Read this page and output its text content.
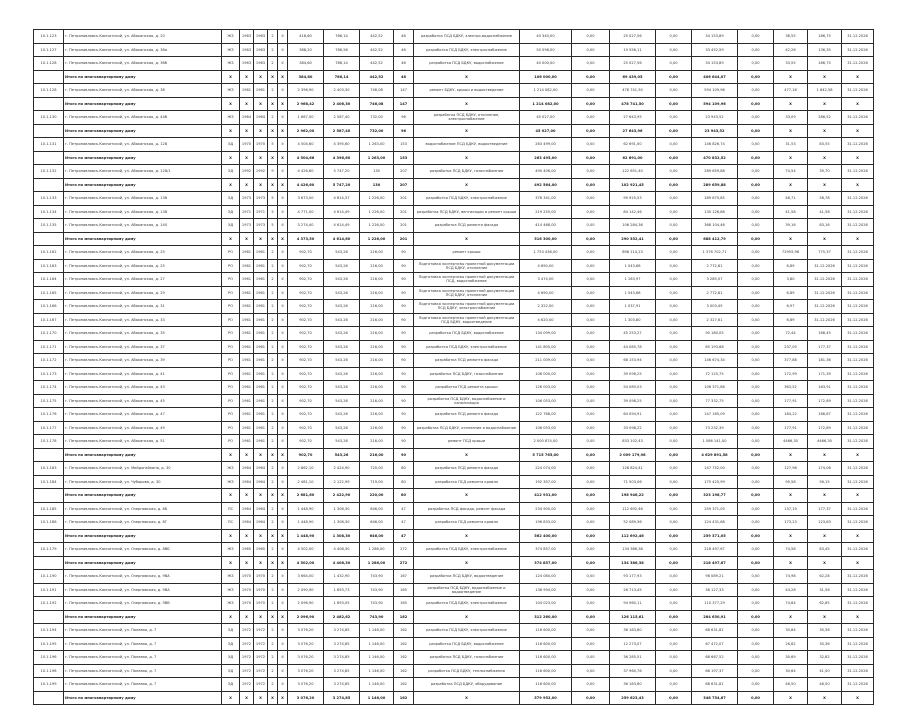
10.1.123	г. Петропавловск-Камчатский, ул. Абаканская, д. 20	ЖЗ	1963	1963	2	II	418,60	766,14	442,52	46	разработка ПСД БДКУ, электро-водоснабжение	40 340,00	0,00	25 027,56	0,00	34 153,89	0,00	38,55	186,75	31.12.2026
10.1.127	г. Петропавловск-Камчатский, ул. Абаканская, д. 36а	ЖЗ	1963	1963	2	II	388,20	786,56	442,52	46	разработка ПСД БДКУ, электроснабжение	50 096,00	0,00	19 556,11	0,00	33 452,59	0,00	42,26	136,35	31.12.2026
10.1.128	г. Петропавловск-Камчатский, ул. Абаканская, д. 36б	ЖЗ	1963	1963	2	II	384,60	786,14	442,52	46	разработка ПСД БДКУ, водоснабжение	40 000,00	0,00	25 027,56	0,00	34 153,89	0,00	33,55	186,75	31.12.2026
	Итого по многоквартирному дому	X	X	X	X	X	384,60	786,14	442,52	46	X	106 000,00	0,00	69 439,05	0,00	406 644,07	0,00	X	X	X
10.1.128	г. Петропавловск-Камчатский, ул. Абаканская, д. 38	ЖЗ	1961	1961	2	II	2 396,90	2 403,30	746,08	147	ремонт БДКУ, крыши и водоотведение	1 214 082,00	0,00	478 741,50	0,00	594 109,96	0,00	477,16	1 642,58	31.12.2026
	Итого по многоквартирному дому	X	X	X	X	X	2 968,42	2 406,30	746,08	147	X	1 214 082,00	0,00	478 741,50	0,00	594 109,96	0,00	X	X	X
10.1.130	г. Петропавловск-Камчатский, ул. Абаканская, д. 44б	ЖЗ	1964	1964	2	II	1 667,00	2 587,40	732,00	96	разработка ПСД БДКУ, отопление, электроснабжение	45 027,00	0,00	27 643,95	0,00	23 943,52	0,00	33,09	286,52	31.12.2026
	Итого по многоквартирному дому	X	X	X	X	X	2 962,00	2 587,40	732,00	96	X	45 027,00	0,00	27 643,96	0,00	23 943,52	0,00	X	X	X
10.1.131	г. Петропавловск-Камчатский, ул. Абаканская, д. 128	ЭД	1970	1970	5	II	4 504,60	4 395,60	1 263,00	153	водоснабжение ПСД БДКУ, водоотведение	263 499,00	0,00	62 691,00	0,00	146 826,74	0,00	31,53	83,55	31.12.2026
	Итого по многоквартирному дому	X	X	X	X	X	4 504,66	4 396,60	1 263,00	153	X	263 495,00	0,00	62 691,00	0,00	470 832,52	0,00	X	X	X
10.1.132	г. Петропавловск-Камчатский, ул. Абаканская, д. 128/1	ЭД	1992	1992	9	II	4 426,60	5 747,20	130	207	разработка ПСД БДКУ, газоснабжение	490 406,00	0,00	122 651,40	0,00	289 659,88	0,00	74,54	39,70	31.12.2026
	Итого по многоквартирному дому	X	X	X	X	X	4 426,60	5 747,20	130	207	X	492 564,00	0,00	102 921,45	0,00	289 659,88	0,00	X	X	X
10.1.133	г. Петропавловск-Камчатский, ул. Абаканская, д. 136	ЭД	1973	1973	5	II	3 673,00	4 814,37	1 226,00	201	разработка ПСД БДКУ, электроснабжение	376 341,00	0,00	99 925,53	0,00	189 675,85	0,00	46,71	58,78	31.12.2026
10.1.134	г. Петропавловск-Камчатский, ул. Абаканская, д. 138	ЭД	1971	1971	5	II	4 771,00	4 614,49	1 226,00	201	разработка ПСД БДКУ, вентиляции и ремонт крыши	219 255,00	0,00	84 142,46	0,00	130 126,86	0,00	41,58	41,58	31.12.2026
10.1.135	г. Петропавловск-Камчатский, ул. Абаканская, д. 140	ЭД	1973	1973	5	II	3 274,40	4 614,49	1 226,00	201	разработка ПСД ремонта фасада	414 468,00	0,00	106 284,36	0,00	368 104,46	0,00	39,16	83,16	31.12.2026
	Итого по многоквартирному дому	X	X	X	X	X	4 373,50	4 614,60	1 226,00	201	X	516 300,00	0,00	290 352,41	0,00	688 412,79	0,00	X	X	X
10.1.162	г. Петропавловск-Камчатский, ул. Абаканская, д. 25	РО	1961	1961	2	II	902,70	543,26	216,00	90	ремонт крыши	1 753 436,00	0,00	898 114,23	0,00	1 376 702,71	0,00	72955,98	775,37	31.12.2026
10.1.163	г. Петропавловск-Камчатский, ул. Абаканская, д. 25	РО	1961	1961	2	II	902,70	543,26	216,00	90	Подготовка экспертизы проектной документации ПСД БДКУ, отопление	4 690,00	0,00	1 543,68	0,00	2 772,81	0,00	6,89	31.12.2026	31.12.2026
10.1.164	г. Петропавловск-Камчатский, ул. Абаканская, д. 27	РО	1961	1961	2	II	902,70	543,26	216,00	90	Подготовка экспертизы проектной документации ПСД, водоснабжение	3 474,00	0,00	1 163,97	0,00	3 285,07	0,00	3,80	31.12.2026	31.12.2026
10.1.165	г. Петропавловск-Камчатский, ул. Абаканская, д. 29	РО	1961	1961	2	II	902,70	543,26	216,00	90	Подготовка экспертизы проектной документации ПСД БДКУ, отопление	4 690,00	0,00	1 543,68	0,00	2 772,81	0,00	6,89	31.12.2026	31.12.2026
10.1.166	г. Петропавловск-Камчатский, ул. Абаканская, д. 31	РО	1961	1961	2	II	902,70	543,26	216,00	90	Подготовка экспертизы проектной документации ПСД БДКУ, электроснабжение	2 322,00	0,00	1 037,91	0,00	3 003,45	0,00	6,97	31.12.2026	31.12.2026
10.1.167	г. Петропавловск-Камчатский, ул. Абаканская, д. 33	РО	1961	1961	2	II	902,70	543,26	216,00	90	Подготовка экспертизы проектной документации ПСД БДКУ, водоотведение	4 620,00	0,00	1 303,80	0,00	2 327,61	0,00	6,89	31.12.2026	31.12.2026
10.1.170	г. Петропавловск-Камчатский, ул. Абаканская, д. 35	РО	1961	1961	2	II	902,70	543,26	216,00	90	разработка ПСД БДКУ, водоснабжение	134 099,00	0,00	45 253,27	0,00	90 180,05	0,00	72,44	168,45	31.12.2026
10.1.171	г. Петропавловск-Камчатский, ул. Абаканская, д. 37	РО	1961	1961	2	II	902,70	543,26	216,00	90	разработка ПСД БДКУ, электроснабжение	141 805,00	0,00	44 085,78	0,00	65 193,68	0,00	237,05	177,37	31.12.2026
10.1.172	г. Петропавловск-Камчатский, ул. Абаканская, д. 39	РО	1961	1961	2	II	902,70	543,26	216,00	90	разработка ПСД ремонта фасада	211 009,00	0,00	68 153,94	0,00	146 674,34	0,00	377,88	181,36	31.12.2026
10.1.173	г. Петропавловск-Камчатский, ул. Абаканская, д. 41	РО	1961	1961	2	II	902,70	543,26	216,00	90	разработка ПСД БДКУ, газоснабжение	106 000,00	0,00	39 098,25	0,00	72 125,75	0,00	172,99	171,39	31.12.2026
10.1.174	г. Петропавловск-Камчатский, ул. Абаканская, д. 43	РО	1961	1961	2	II	902,70	543,26	216,00	90	разработка ПСД ремонта крыши	126 003,00	0,00	54 089,03	0,00	106 371,86	0,00	363,52	163,91	31.12.2026
10.1.175	г. Петропавловск-Камчатский, ул. Абаканская, д. 45	РО	1961	1961	2	II	902,70	543,26	216,00	90	разработка ПСД БДКУ, водоснабжение и канализация	106 053,00	0,00	39 098,25	0,00	77 332,75	0,00	177,91	172,89	31.12.2026
10.1.176	г. Петропавловск-Камчатский, ул. Абаканская, д. 47	РО	1961	1961	2	II	902,70	543,26	216,00	90	разработка ПСД ремонта фасада	122 768,00	0,00	64 094,91	0,00	147 185,09	0,00	184,22	166,87	31.12.2026
10.1.177	г. Петропавловск-Камчатский, ул. Абаканская, д. 49	РО	1961	1961	2	II	902,70	543,26	216,00	90	разработка ПСД БДКУ, отопление и водоснабжение	106 053,00	0,00	33 098,22	0,00	73 232,39	0,00	177,91	172,89	31.12.2026
10.1.178	г. Петропавловск-Камчатский, ул. Абаканская, д. 51	РО	1961	1961	2	II	902,70	543,26	216,00	90	ремонт ПСД крыши	2 000 874,00	0,00	833 102,43	0,00	1 086 141,00	0,00	4466,30	4466,30	31.12.2026
	Итого по многоквартирному дому	X	X	X	X	X	902,70	543,26	216,00	90	X	5 715 765,00	0,00	2 009 179,98	0,00	4 629 891,58	0,00	X	X	X
10.1.183	г. Петропавловск-Камчатский, ул. Мейдогайкина, д. 30	ЖЗ	1964	1964	2	II	2 862,10	2 424,90	720,00	80	разработка ПСД ремонта фасада	224 074,00	0,00	128 824,41	0,00	147 752,00	0,00	127,98	174,06	31.12.2026
10.1.184	г. Петропавловск-Камчатский, ул. Чубарова, д. 30	ЖЗ	1964	1964	2	II	2 481,10	2 122,99	719,00	80	разработка ПСД ремонта кровли	192 357,00	0,00	71 503,06	0,00	175 425,99	0,00	95,58	56,15	31.12.2026
	Итого по многоквартирному дому	X	X	X	X	X	2 681,60	2 422,90	220,00	80	X	412 931,00	0,00	198 946,22	0,00	323 198,77	0,00	X	X	X
10.1.185	г. Петропавловск-Камчатский, ул. Озерновская, д. 8Б	ПС	1964	1964	2	II	1 448,90	1 308,30	646,00	47	разработка ПСД фасада, ремонт фасада	234 900,00	0,00	112 692,46	0,00	259 371,05	0,00	137,19	177,37	31.12.2026
10.1.186	г. Петропавловск-Камчатский, ул. Озерновская, д. 8Г	ПС	1964	1964	2	II	1 448,90	1 308,30	646,00	47	разработка ПСД ремонта кровли	196 833,00	0,00	52 089,36	0,00	124 431,68	0,00	173,23	123,63	31.12.2026
	Итого по многоквартирному дому	X	X	X	X	X	1 448,90	1 308,30	646,00	47	X	562 400,00	0,00	112 692,46	0,00	259 371,05	0,00	X	X	X
10.1.179	г. Петропавловск-Камчатский, ул. Озерновская, д. 8ВБ	ЖЗ	1965	1965	2	II	4 502,00	4 408,30	1 286,00	272	разработка ПСД БДКУ, электроснабжение	374 857,00	0,00	134 386,38	0,00	218 497,67	0,00	74,58	83,45	31.12.2026
	Итого по многоквартирному дому	X	X	X	X	X	4 502,00	4 408,30	1 286,00	272	X	374 857,00	0,00	134 386,38	0,00	218 497,67	0,00	X	X	X
10.1.190	г. Петропавловск-Камчатский, ул. Озерновская, д. 9ВА	ЖЗ	1970	1970	2	II	3 664,00	1 432,90	743,90	167	разработка ПСД БДКУ, водоотведение	124 084,00	0,00	93 177,93	0,00	98 089,21	0,00	74,98	62,28	31.12.2026
10.1.191	г. Петропавловск-Камчатский, ул. Озерновская, д. 9ВА	ЖЗ	1970	1970	2	II	2 090,90	1 893,73	743,90	165	разработка ПСД БДКУ, водоснабжение и водоотведение	136 994,00	0,00	26 713,45	0,00	36 127,33	0,00	44,28	31,56	31.12.2026
10.1.192	г. Петропавловск-Камчатский, ул. Озерновская, д. 9ВВ	ЖЗ	1970	1970	2	II	2 096,90	1 893,05	743,90	165	разработка ПСД БДКУ, электроснабжение	104 023,00	0,00	94 960,11	0,00	110 377,29	0,00	74,64	62,85	31.12.2026
	Итого по многоквартирному дому	X	X	X	X	X	2 096,90	2 482,62	743,90	182	X	312 260,00	0,00	126 115,61	0,00	284 630,91	0,00	X	X	X
10.1.194	г. Петропавловск-Камчатский, ул. Полевая, д. 7	ЭД	1972	1972	2	II	3 076,20	3 274,85	1 146,00	162	разработка ПСД БДКУ, электроснабжение	116 600,00	0,00	36 183,60	0,00	68 631,81	0,00	30,64	30,36	31.12.2026
10.1.195	г. Петропавловск-Камчатский, ул. Полевая, д. 7	ЭД	1972	1972	2	II	3 076,20	3 274,85	1 146,00	162	разработка ПСД БДКУ, водоснабжение	116 600,00	0,00	12 273,07	0,00	67 472,07	0,00	26,82	30,36	31.12.2026
10.1.196	г. Петропавловск-Камчатский, ул. Полевая, д. 7	ЭД	1972	1972	2	II	3 076,20	3 274,85	1 146,00	162	разработка ПСД БДКУ, газоснабжение	116 600,00	0,00	36 285,51	0,00	68 667,52	0,00	30,69	32,82	31.12.2026
10.1.198	г. Петропавловск-Камчатский, ул. Полевая, д. 7	ЭД	1972	1972	2	II	3 076,20	3 274,85	1 146,00	162	разработка ПСД БДКУ, теплоснабжения	116 600,00	0,00	37 960,76	0,00	68 197,37	0,00	30,64	41,50	31.12.2026
10.1.199	г. Петропавловск-Камчатский, ул. Полевая, д. 7	ЭД	1972	1972	2	II	3 076,20	3 274,85	1 146,00	162	разработка ПСД БДКУ, оборудование	116 600,00	0,00	36 183,60	0,00	68 631,81	0,00	46,50	46,50	31.12.2026
	Итого по многоквартирному дому	X	X	X	X	X	3 076,20	3 274,85	1 146,00	162	X	579 952,00	0,00	259 623,43	0,00	348 754,67	0,00	X	X	X
